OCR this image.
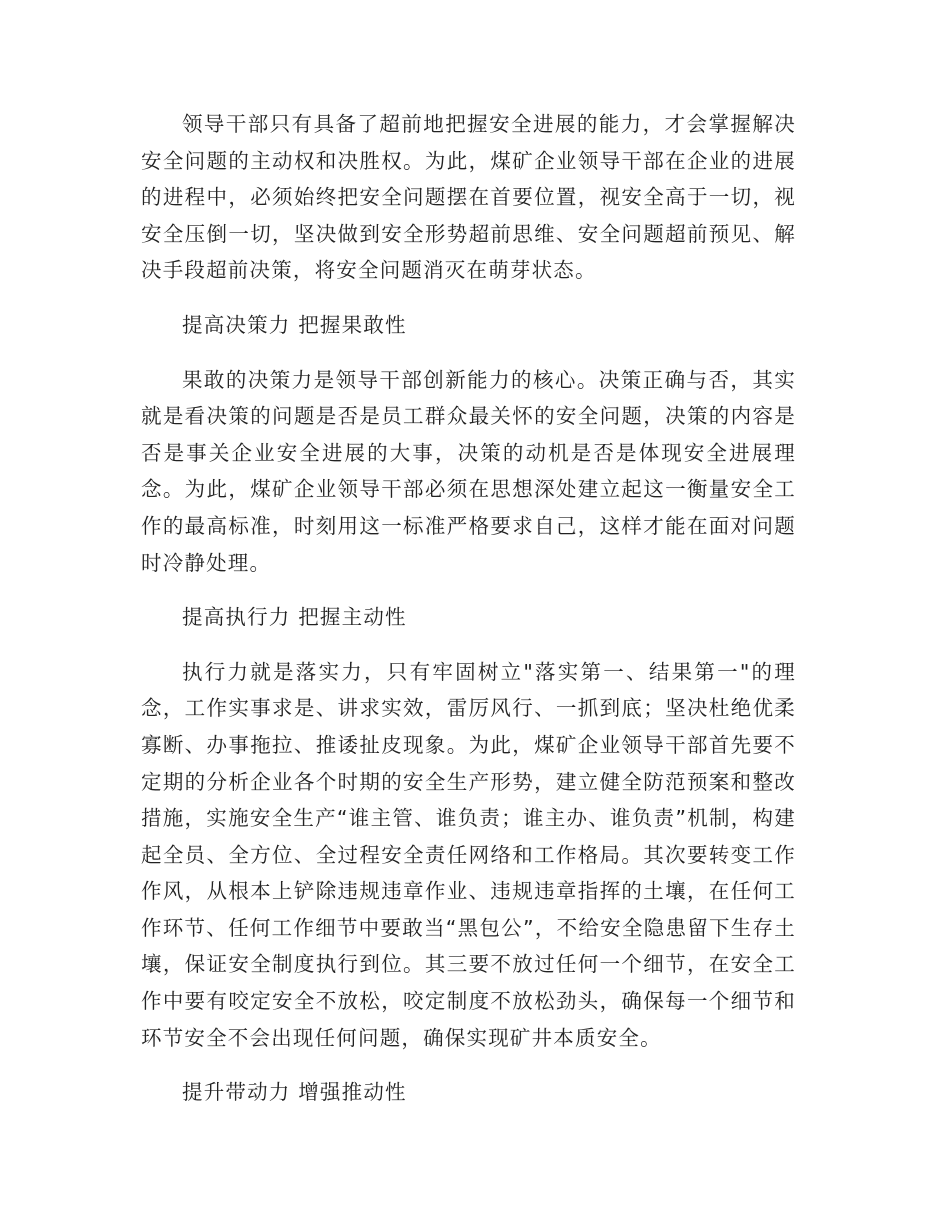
领导干部只有具备了超前地把握安全进展的能力，才会掌握解决安全问题的主动权和决胜权。为此，煤矿企业领导干部在企业的进展的进程中，必须始终把安全问题摆在首要位置，视安全高于一切，视安全压倒一切，坚决做到安全形势超前思维、安全问题超前预见、解决手段超前决策，将安全问题消灭在萌芽状态。

提高决策力 把握果敢性

果敢的决策力是领导干部创新能力的核心。决策正确与否，其实就是看决策的问题是否是员工群众最关怀的安全问题，决策的内容是否是事关企业安全进展的大事，决策的动机是否是体现安全进展理念。为此，煤矿企业领导干部必须在思想深处建立起这一衡量安全工作的最高标准，时刻用这一标准严格要求自己，这样才能在面对问题时冷静处理。

提高执行力 把握主动性

执行力就是落实力，只有牢固树立"落实第一、结果第一"的理念，工作实事求是、讲求实效，雷厉风行、一抓到底；坚决杜绝优柔寡断、办事拖拉、推诿扯皮现象。为此，煤矿企业领导干部首先要不定期的分析企业各个时期的安全生产形势，建立健全防范预案和整改措施，实施安全生产“谁主管、谁负责；谁主办、谁负责”机制，构建起全员、全方位、全过程安全责任网络和工作格局。其次要转变工作作风，从根本上铲除违规违章作业、违规违章指挥的土壤，在任何工作环节、任何工作细节中要敢当“黑包公”，不给安全隐患留下生存土壤，保证安全制度执行到位。其三要不放过任何一个细节，在安全工作中要有咬定安全不放松，咬定制度不放松劲头，确保每一个细节和环节安全不会出现任何问题，确保实现矿井本质安全。

提升带动力 增强推动性
